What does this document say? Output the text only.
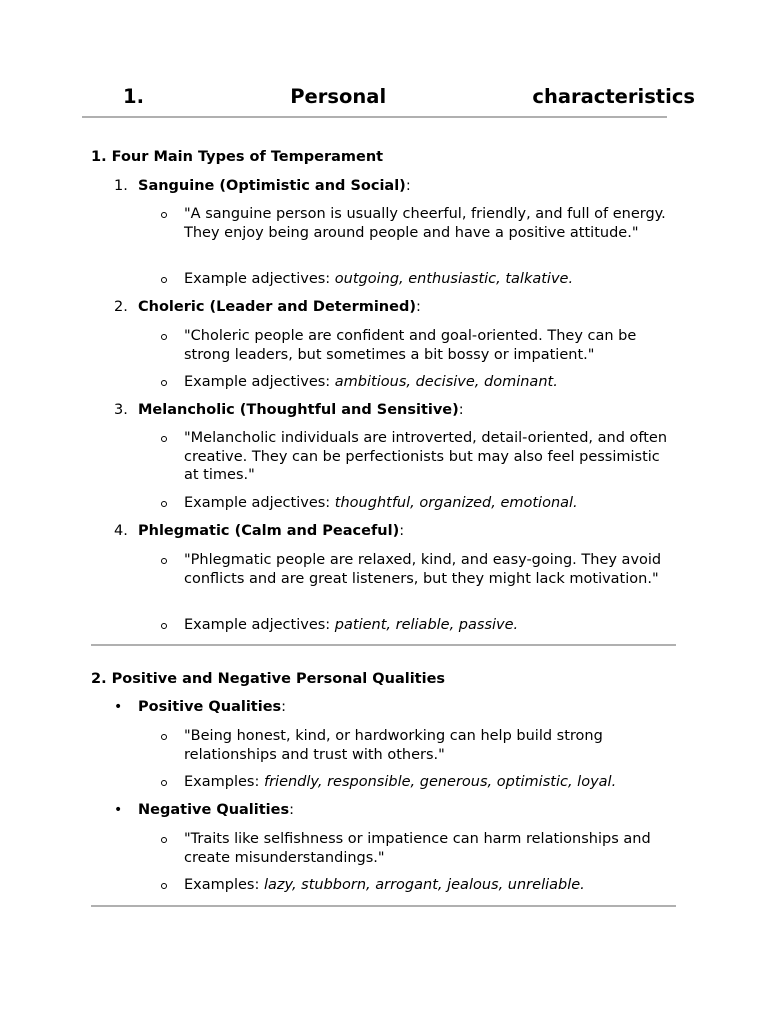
1.	Personal	characteristics
1. Four Main Types of Temperament
1. Sanguine (Optimistic and Social):
"A sanguine person is usually cheerful, friendly, and full of energy. They enjoy being around people and have a positive attitude."
Example adjectives: outgoing, enthusiastic, talkative.
2. Choleric (Leader and Determined):
"Choleric people are confident and goal-oriented. They can be strong leaders, but sometimes a bit bossy or impatient."
Example adjectives: ambitious, decisive, dominant.
3. Melancholic (Thoughtful and Sensitive):
"Melancholic individuals are introverted, detail-oriented, and often creative. They can be perfectionists but may also feel pessimistic at times."
Example adjectives: thoughtful, organized, emotional.
4. Phlegmatic (Calm and Peaceful):
"Phlegmatic people are relaxed, kind, and easy-going. They avoid conflicts and are great listeners, but they might lack motivation."
Example adjectives: patient, reliable, passive.
2. Positive and Negative Personal Qualities
• Positive Qualities:
"Being honest, kind, or hardworking can help build strong relationships and trust with others."
Examples: friendly, responsible, generous, optimistic, loyal.
• Negative Qualities:
"Traits like selfishness or impatience can harm relationships and create misunderstandings."
Examples: lazy, stubborn, arrogant, jealous, unreliable.
